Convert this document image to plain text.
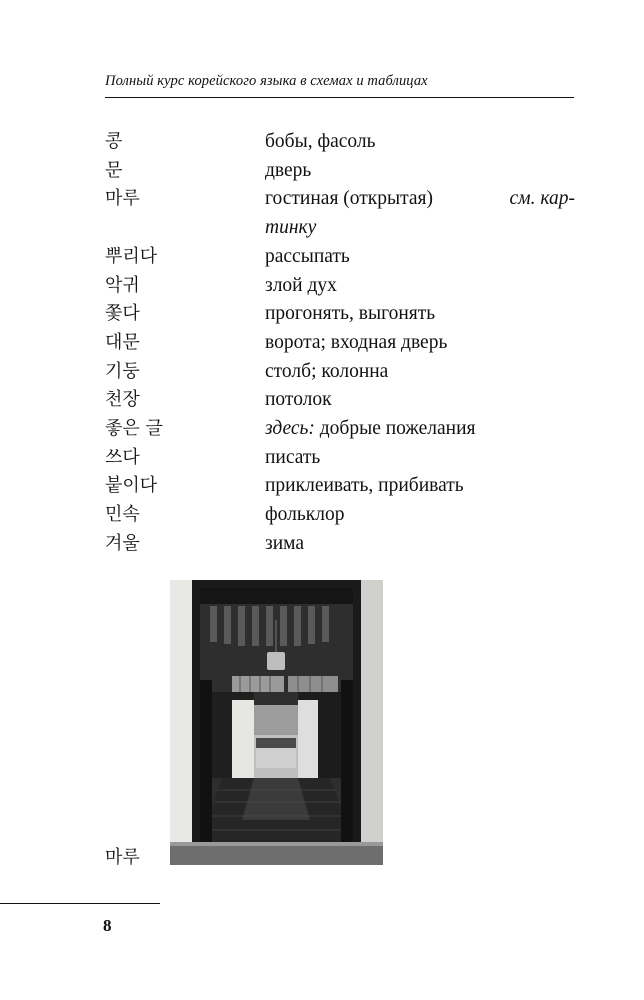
Полный курс корейского языка в схемах и таблицах
콩	бобы, фасоль
문	дверь
마루	гостиная (открытая)	см. кар-
тинку
뿌리다	рассыпать
악귀	злой дух
쫓다	прогонять, выгонять
대문	ворота; входная дверь
기둥	столб; колонна
천장	потолок
좋은 글	здесь: добрые пожелания
쓰다	писать
붙이다	приклеивать, прибивать
민속	фольклор
겨울	зима
마루
8
